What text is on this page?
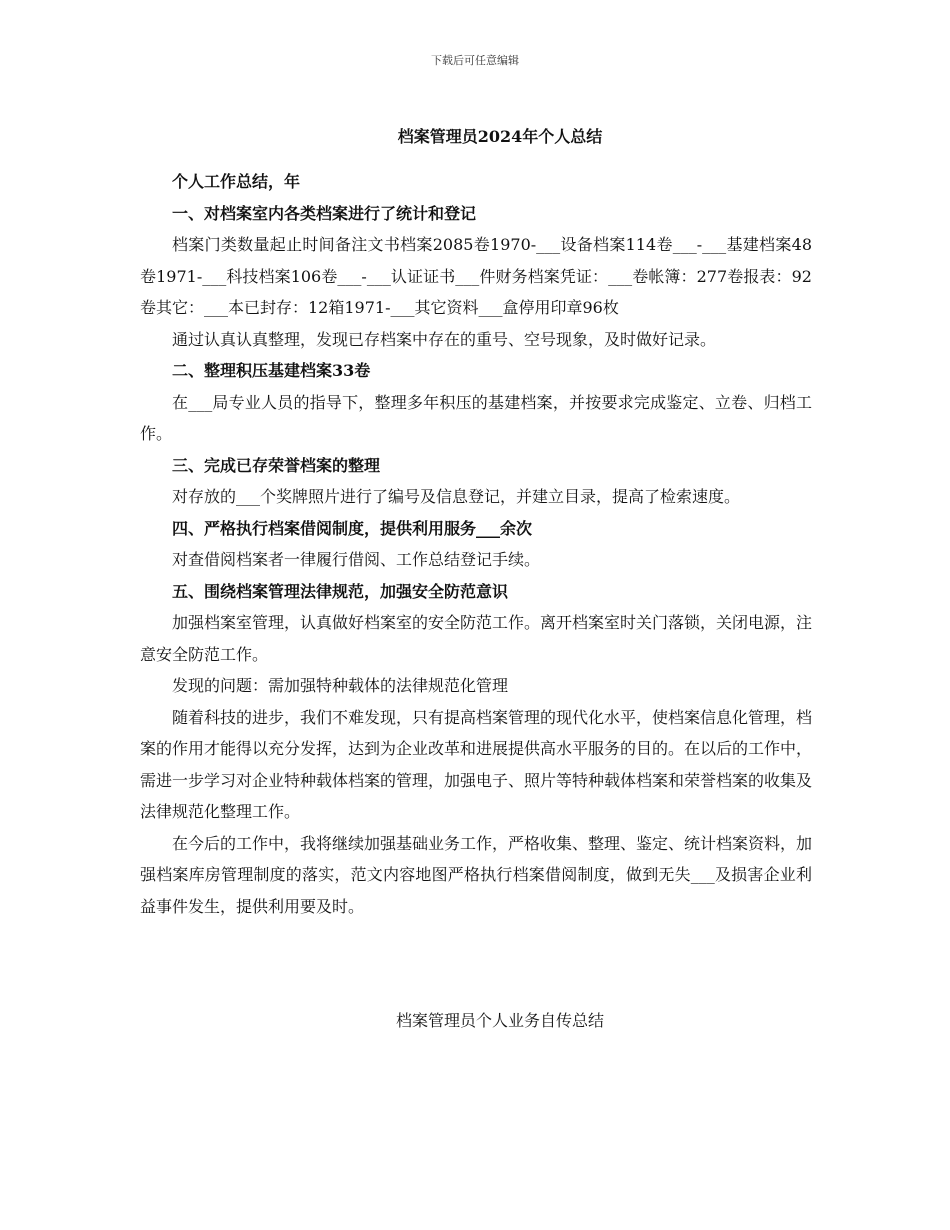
下载后可任意编辑
档案管理员2024年个人总结

个人工作总结，年

一、对档案室内各类档案进行了统计和登记

档案门类数量起止时间备注文书档案2085卷1970-___设备档案114卷___-___基建档案48卷1971-___科技档案106卷___-___认证证书___件财务档案凭证：___卷帐簿：277卷报表：92卷其它：___本已封存：12箱1971-___其它资料___盒停用印章96枚

通过认真认真整理，发现已存档案中存在的重号、空号现象，及时做好记录。

二、整理积压基建档案33卷

在___局专业人员的指导下，整理多年积压的基建档案，并按要求完成鉴定、立卷、归档工作。

三、完成已存荣誉档案的整理

对存放的___个奖牌照片进行了编号及信息登记，并建立目录，提高了检索速度。

四、严格执行档案借阅制度，提供利用服务___余次

对查借阅档案者一律履行借阅、工作总结登记手续。

五、围绕档案管理法律规范，加强安全防范意识

加强档案室管理，认真做好档案室的安全防范工作。离开档案室时关门落锁，关闭电源，注意安全防范工作。

发现的问题：需加强特种载体的法律规范化管理

随着科技的进步，我们不难发现，只有提高档案管理的现代化水平，使档案信息化管理，档案的作用才能得以充分发挥，达到为企业改革和进展提供高水平服务的目的。在以后的工作中，需进一步学习对企业特种载体档案的管理，加强电子、照片等特种载体档案和荣誉档案的收集及法律规范化整理工作。

在今后的工作中，我将继续加强基础业务工作，严格收集、整理、鉴定、统计档案资料，加强档案库房管理制度的落实，范文内容地图严格执行档案借阅制度，做到无失___及损害企业利益事件发生，提供利用要及时。

档案管理员个人业务自传总结
